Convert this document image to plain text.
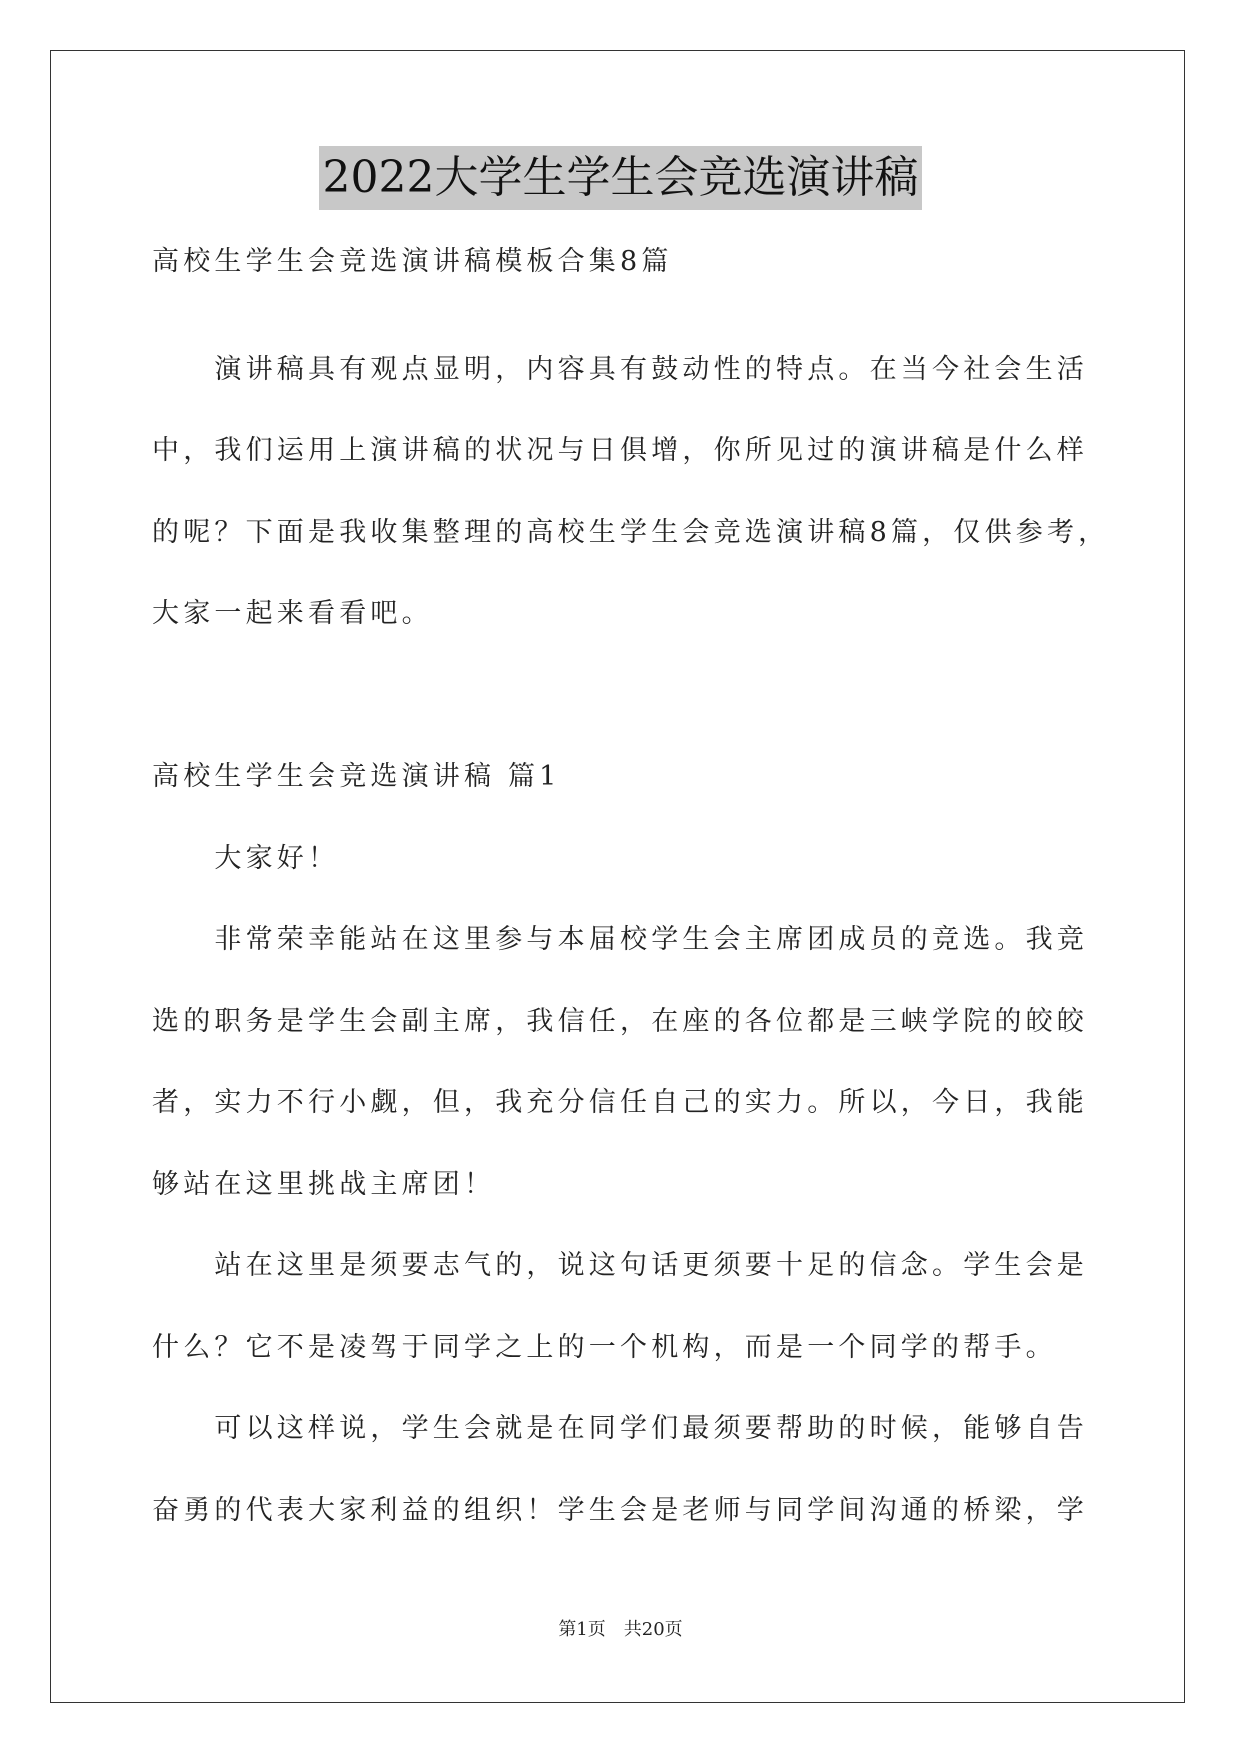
2022大学生学生会竞选演讲稿
高校生学生会竞选演讲稿模板合集8篇
　　演讲稿具有观点显明，内容具有鼓动性的特点。在当今社会生活
中，我们运用上演讲稿的状况与日俱增，你所见过的演讲稿是什么样
的呢？下面是我收集整理的高校生学生会竞选演讲稿8篇，仅供参考，
大家一起来看看吧。
高校生学生会竞选演讲稿 篇1
　　大家好！
　　非常荣幸能站在这里参与本届校学生会主席团成员的竞选。我竞
选的职务是学生会副主席，我信任，在座的各位都是三峡学院的皎皎
者，实力不行小觑，但，我充分信任自己的实力。所以，今日，我能
够站在这里挑战主席团！
　　站在这里是须要志气的，说这句话更须要十足的信念。学生会是
什么？它不是凌驾于同学之上的一个机构，而是一个同学的帮手。
　　可以这样说，学生会就是在同学们最须要帮助的时候，能够自告
奋勇的代表大家利益的组织！学生会是老师与同学间沟通的桥梁，学
第1页　共20页
